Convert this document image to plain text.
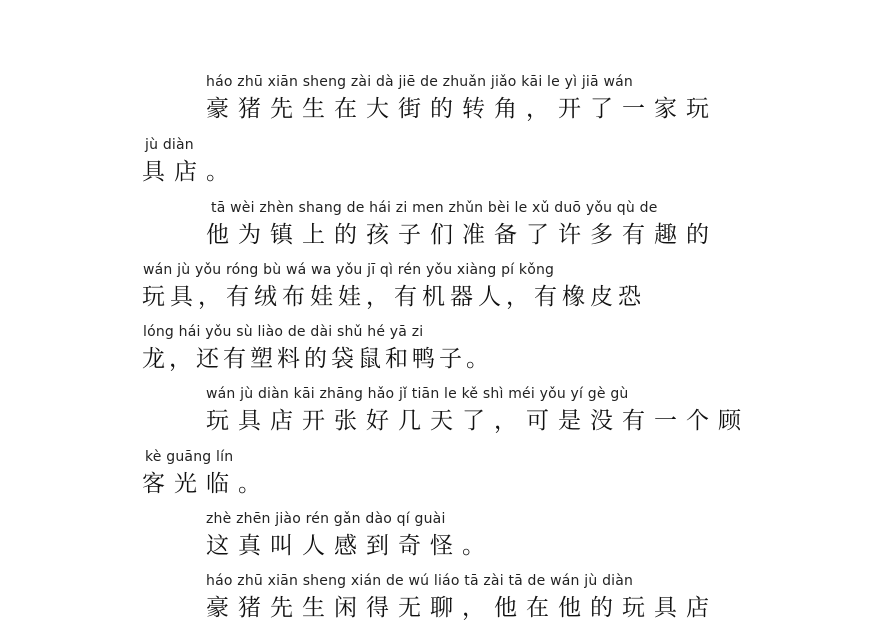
háo zhū xiān sheng zài dà jiē de zhuǎn jiǎo kāi le yì jiā wán
豪猪先生在大街的转角，开了一家玩
jù diàn
具店。
tā wèi zhèn shang de hái zi men zhǔn bèi le xǔ duō yǒu qù de
他为镇上的孩子们准备了许多有趣的
wán jù yǒu róng bù wá wa yǒu jī qì rén yǒu xiàng pí kǒng
玩具，有绒布娃娃，有机器人，有橡皮恐
lóng hái yǒu sù liào de dài shǔ hé yā zi
龙，还有塑料的袋鼠和鸭子。
wán jù diàn kāi zhāng hǎo jǐ tiān le kě shì méi yǒu yí gè gù
玩具店开张好几天了，可是没有一个顾
kè guāng lín
客光临。
zhè zhēn jiào rén gǎn dào qí guài
这真叫人感到奇怪。
háo zhū xiān sheng xián de wú liáo tā zài tā de wán jù diàn
豪猪先生闲得无聊，他在他的玩具店
